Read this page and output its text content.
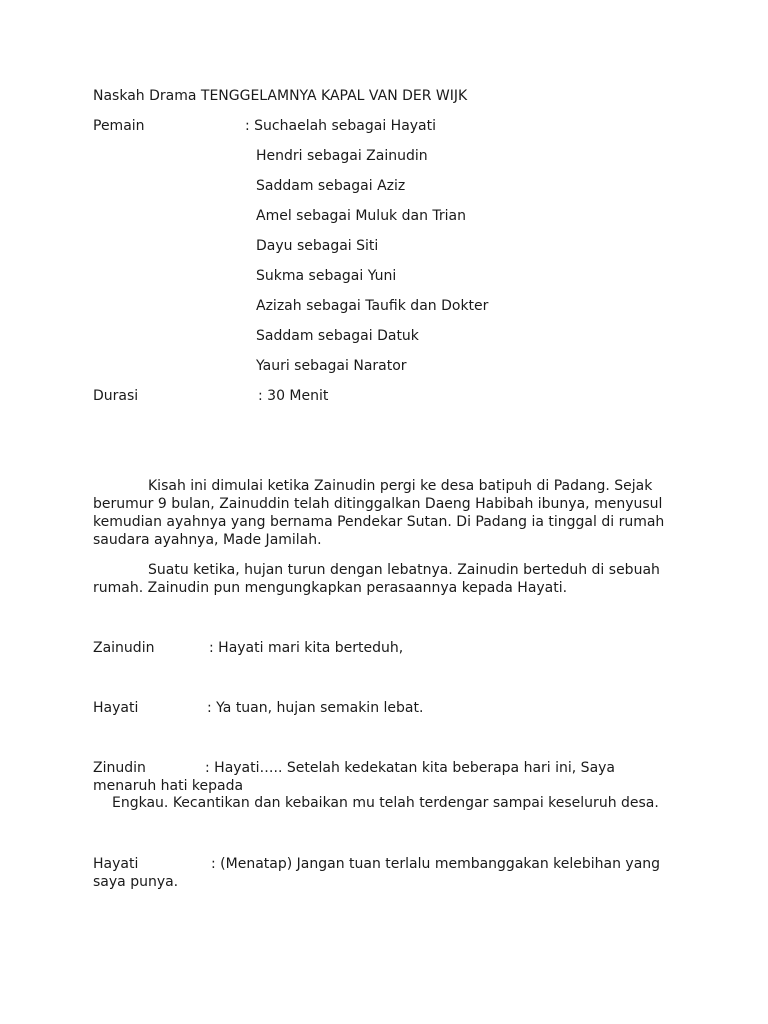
Naskah Drama TENGGELAMNYA KAPAL VAN DER WIJK
Pemain	: Suchaelah sebagai Hayati
Hendri sebagai Zainudin
Saddam sebagai Aziz
Amel sebagai Muluk dan Trian
Dayu sebagai Siti
Sukma sebagai Yuni
Azizah sebagai Taufik dan Dokter
Saddam sebagai Datuk
Yauri sebagai Narator
Durasi	: 30 Menit
Kisah ini dimulai ketika Zainudin pergi ke desa batipuh di Padang. Sejak berumur 9 bulan, Zainuddin telah ditinggalkan Daeng Habibah ibunya, menyusul kemudian ayahnya yang bernama Pendekar Sutan. Di Padang ia tinggal di rumah saudara ayahnya, Made Jamilah.
Suatu ketika, hujan turun dengan lebatnya. Zainudin berteduh di sebuah rumah. Zainudin pun mengungkapkan perasaannya kepada Hayati.
Zainudin	: Hayati mari kita berteduh,
Hayati	: Ya tuan, hujan semakin lebat.
Zinudin	: Hayati….. Setelah kedekatan kita beberapa hari ini, Saya
menaruh hati kepada
Engkau. Kecantikan dan kebaikan mu telah terdengar sampai keseluruh desa.
Hayati	: (Menatap) Jangan tuan terlalu membanggakan kelebihan yang
saya punya.
